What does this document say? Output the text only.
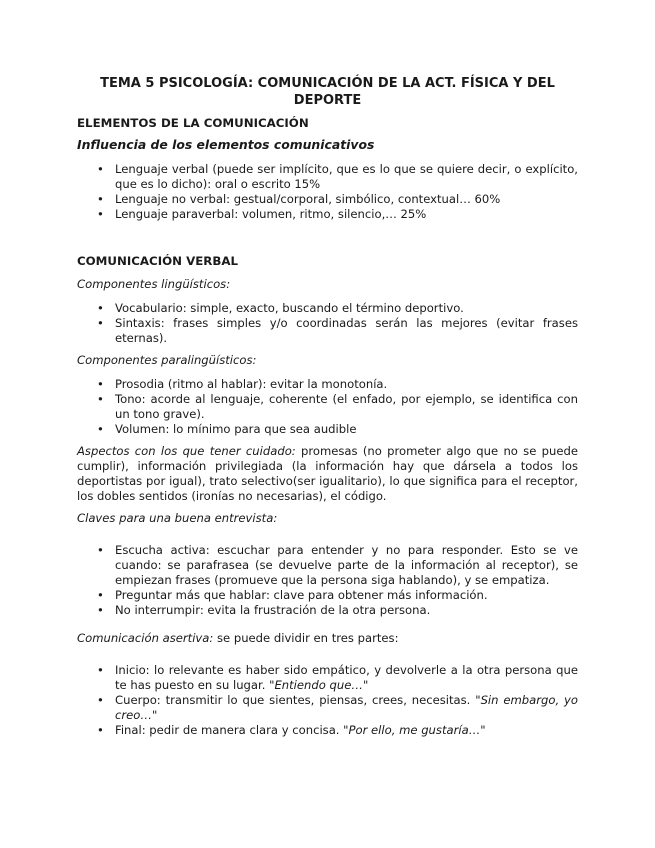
TEMA 5 PSICOLOGÍA: COMUNICACIÓN DE LA ACT. FÍSICA Y DEL DEPORTE
ELEMENTOS DE LA COMUNICACIÓN
Influencia de los elementos comunicativos
• Lenguaje verbal (puede ser implícito, que es lo que se quiere decir, o explícito, que es lo dicho): oral o escrito 15%
• Lenguaje no verbal: gestual/corporal, simbólico, contextual… 60%
• Lenguaje paraverbal: volumen, ritmo, silencio,… 25%
COMUNICACIÓN VERBAL
Componentes lingüísticos:
• Vocabulario: simple, exacto, buscando el término deportivo.
• Sintaxis: frases simples y/o coordinadas serán las mejores (evitar frases eternas).
Componentes paralingüísticos:
• Prosodia (ritmo al hablar): evitar la monotonía.
• Tono: acorde al lenguaje, coherente (el enfado, por ejemplo, se identifica con un tono grave).
• Volumen: lo mínimo para que sea audible

Aspectos con los que tener cuidado: promesas (no prometer algo que no se puede cumplir), información privilegiada (la información hay que dársela a todos los deportistas por igual), trato selectivo(ser igualitario), lo que significa para el receptor, los dobles sentidos (ironías no necesarias), el código.

Claves para una buena entrevista:
• Escucha activa: escuchar para entender y no para responder. Esto se ve cuando: se parafrasea (se devuelve parte de la información al receptor), se empiezan frases (promueve que la persona siga hablando), y se empatiza.
• Preguntar más que hablar: clave para obtener más información.
• No interrumpir: evita la frustración de la otra persona.

Comunicación asertiva: se puede dividir en tres partes:

• Inicio: lo relevante es haber sido empático, y devolverle a la otra persona que te has puesto en su lugar. "Entiendo que…"
• Cuerpo: transmitir lo que sientes, piensas, crees, necesitas. "Sin embargo, yo creo…"
• Final: pedir de manera clara y concisa. "Por ello, me gustaría…"
